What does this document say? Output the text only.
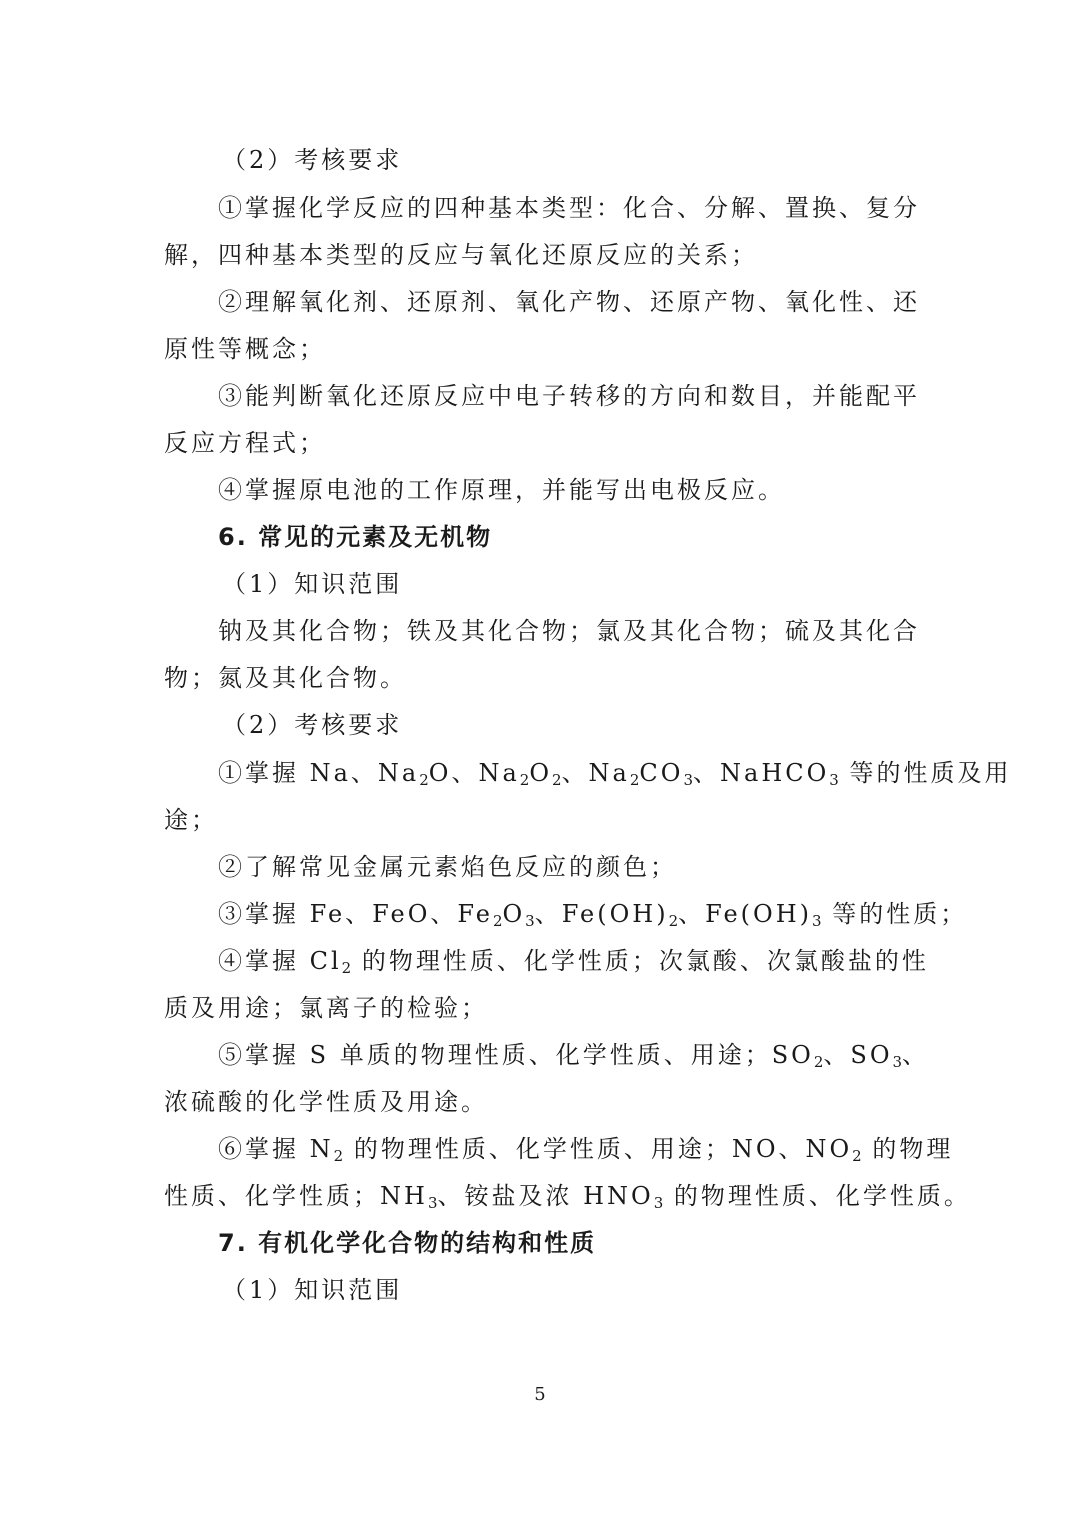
（2）考核要求
①掌握化学反应的四种基本类型：化合、分解、置换、复分
解，四种基本类型的反应与氧化还原反应的关系；
②理解氧化剂、还原剂、氧化产物、还原产物、氧化性、还
原性等概念；
③能判断氧化还原反应中电子转移的方向和数目，并能配平
反应方程式；
④掌握原电池的工作原理，并能写出电极反应。
6. 常见的元素及无机物
（1）知识范围
钠及其化合物；铁及其化合物；氯及其化合物；硫及其化合
物；氮及其化合物。
（2）考核要求
①掌握 Na、$Na_2O$、$Na_2O_2$、$Na_2CO_3$、NaHCO$_3$ 等的性质及用
途；
②了解常见金属元素焰色反应的颜色；
③掌握 Fe、FeO、$Fe_2O_3$、$Fe(OH)_2$、$Fe(OH)_3$ 等的性质；
④掌握 $Cl_2$ 的物理性质、化学性质；次氯酸、次氯酸盐的性
质及用途；氯离子的检验；
⑤掌握 S 单质的物理性质、化学性质、用途；$SO_2$、$SO_3$、
浓硫酸的化学性质及用途。
⑥掌握 $N_2$ 的物理性质、化学性质、用途；NO、$NO_2$ 的物理
性质、化学性质；$NH_3$、铵盐及浓 $HNO_3$ 的物理性质、化学性质。
7. 有机化学化合物的结构和性质
（1）知识范围
5
